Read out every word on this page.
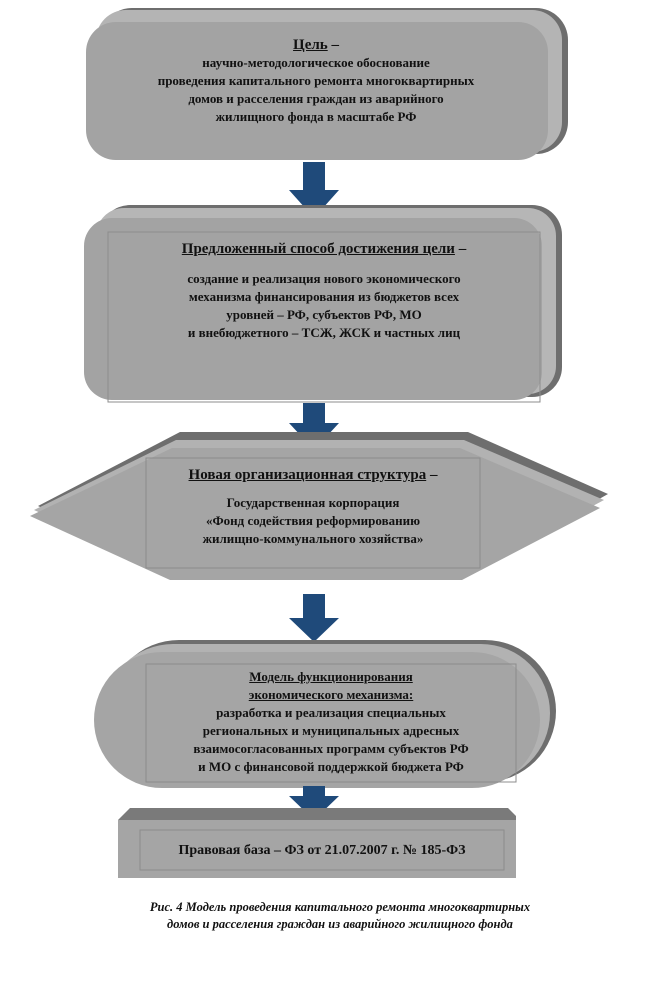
Цель –
научно-методологическое обоснование
проведения капитального ремонта многоквартирных
домов и расселения граждан из аварийного
жилищного фонда в масштабе РФ
Предложенный способ достижения цели –
создание и реализация нового экономического
механизма финансирования из бюджетов всех
уровней – РФ, субъектов РФ, МО
и внебюджетного – ТСЖ, ЖСК и частных лиц
Новая организационная структура –
Государственная корпорация
«Фонд содействия реформированию
жилищно-коммунального хозяйства»
Модель функционирования
экономического механизма:
разработка и реализация специальных
региональных и муниципальных адресных
взаимосогласованных программ субъектов РФ
и МО с финансовой поддержкой бюджета РФ
Правовая база – ФЗ от 21.07.2007 г. № 185-ФЗ
Рис. 4 Модель проведения капитального ремонта многоквартирных
домов и расселения граждан из аварийного жилищного фонда
